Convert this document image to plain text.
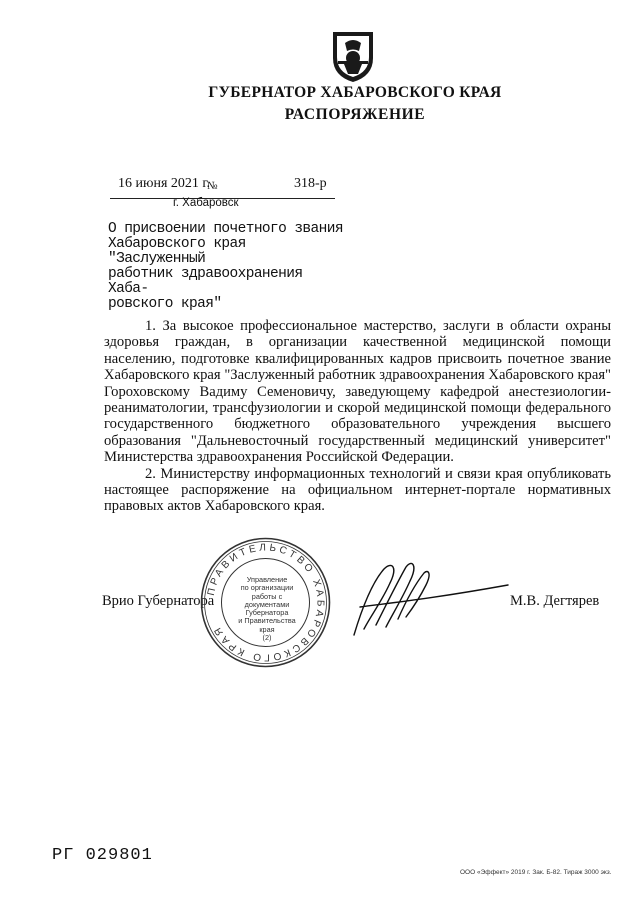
ГУБЕРНАТОР ХАБАРОВСКОГО КРАЯ
РАСПОРЯЖЕНИЕ
16 июня 2021 г.
№	318-р
г. Хабаровск
О присвоении почетного звания
Хабаровского края "Заслуженный
работник здравоохранения Хаба-
ровского края"

1. За высокое профессиональное мастерство, заслуги в области охраны здоровья граждан, в организации качественной медицинской помощи населению, подготовке квалифицированных кадров присвоить почетное звание Хабаровского края "Заслуженный работник здравоохранения Хабаровского края" Гороховскому Вадиму Семеновичу, заведующему кафедрой анестезиологии-реаниматологии, трансфузиологии и скорой медицинской помощи федерального государственного бюджетного образовательного учреждения высшего образования "Дальневосточный государственный медицинский университет" Министерства здравоохранения Российской Федерации.

2. Министерству информационных технологий и связи края опубликовать настоящее распоряжение на официальном интернет-портале нормативных правовых актов Хабаровского края.

Врио Губернатора
ПРАВИТЕЛЬСТВО ХАБАРОВСКОГО КРАЯ
Управление
по организации
работы с документами
Губернатора
и Правительства
края
(2)
М.В. Дегтярев
РГ 029801
ООО «Эффект» 2019 г. Зак. Б-82. Тираж 3000 экз.
